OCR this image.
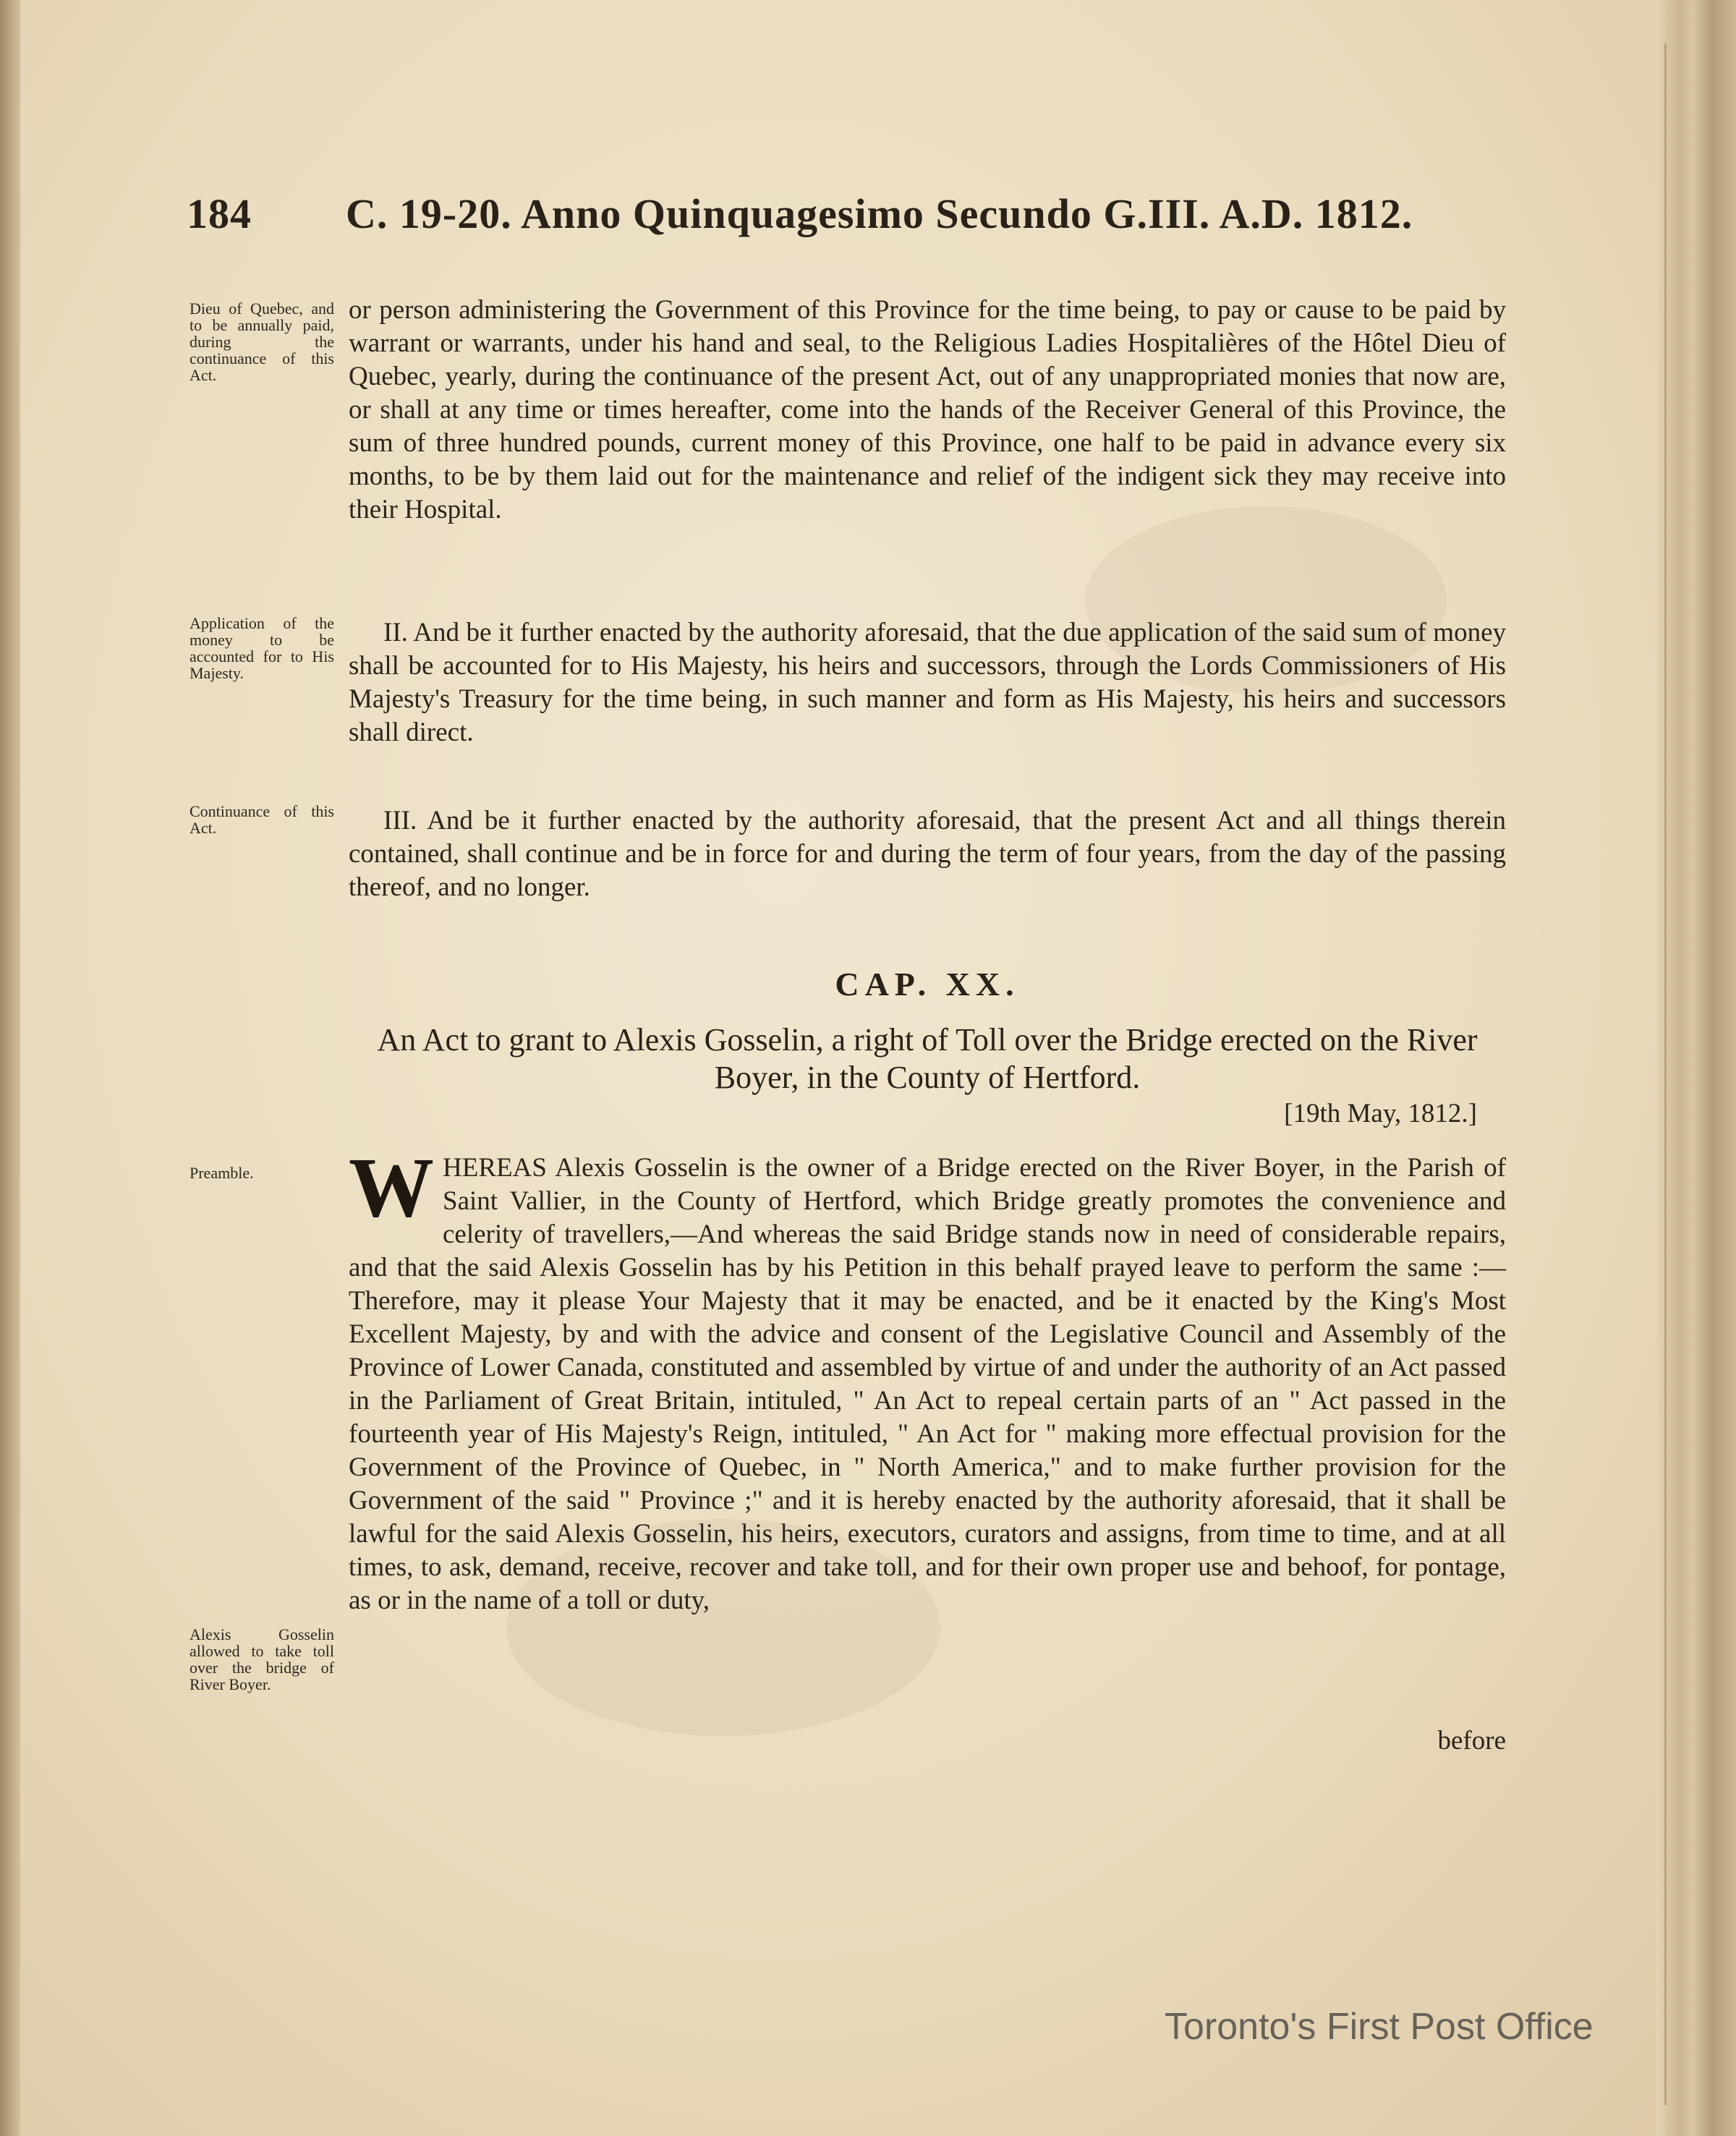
184 C. 19-20. Anno Quinquagesimo Secundo G.III. A.D. 1812.
Dieu of Quebec, and to be annually paid, during the continuance of this Act.
or person administering the Government of this Province for the time being, to pay or cause to be paid by warrant or warrants, under his hand and seal, to the Religious Ladies Hospitalières of the Hôtel Dieu of Quebec, yearly, during the continuance of the present Act, out of any unappropriated monies that now are, or shall at any time or times hereafter, come into the hands of the Receiver General of this Province, the sum of three hundred pounds, current money of this Province, one half to be paid in advance every six months, to be by them laid out for the maintenance and relief of the indigent sick they may receive into their Hospital.
Application of the money to be accounted for to His Majesty.
II. And be it further enacted by the authority aforesaid, that the due application of the said sum of money shall be accounted for to His Majesty, his heirs and successors, through the Lords Commissioners of His Majesty's Treasury for the time being, in such manner and form as His Majesty, his heirs and successors shall direct.
Continuance of this Act.	III. And be it further enacted by the authority aforesaid, that the present Act and all things therein contained, shall continue and be in force for and during the term of four years, from the day of the passing thereof, and no longer.
CAP. XX.
An Act to grant to Alexis Gosselin, a right of Toll over the Bridge erected on the River Boyer, in the County of Hertford.
[19th May, 1812.]
Preamble.	W HEREAS Alexis Gosselin is the owner of a Bridge erected on the River Boyer, in the Parish of Saint Vallier, in the County of Hertford, which Bridge greatly promotes the convenience and celerity of travellers,—And whereas the said Bridge stands now in need of considerable repairs, and that the said Alexis Gosselin has by his Petition in this behalf prayed leave to perform the same :— Therefore, may it please Your Majesty that it may be enacted, and be it enacted by the King's Most Excellent Majesty, by and with the advice and consent of the Legislative Council and Assembly of the Province of Lower Canada, constituted and assembled by virtue of and under the authority of an Act passed in the Parliament of Great Britain, intituled, " An Act to repeal certain parts of an " Act passed in the fourteenth year of His Majesty's Reign, intituled, " An Act for " making more effectual provision for the Government of the Province of Quebec, in " North America," and to make further provision for the Government of the said " Province ;" and it is hereby enacted by the authority aforesaid, that it shall be lawful for the said Alexis Gosselin, his heirs, executors, curators and assigns, from time to time, and at all times, to ask, demand, receive, recover and take toll, and for their own proper use and behoof, for pontage, as or in the name of a toll or duty,
Alexis Gosselin allowed to take toll over the bridge of River Boyer.
before
Toronto's First Post Office
